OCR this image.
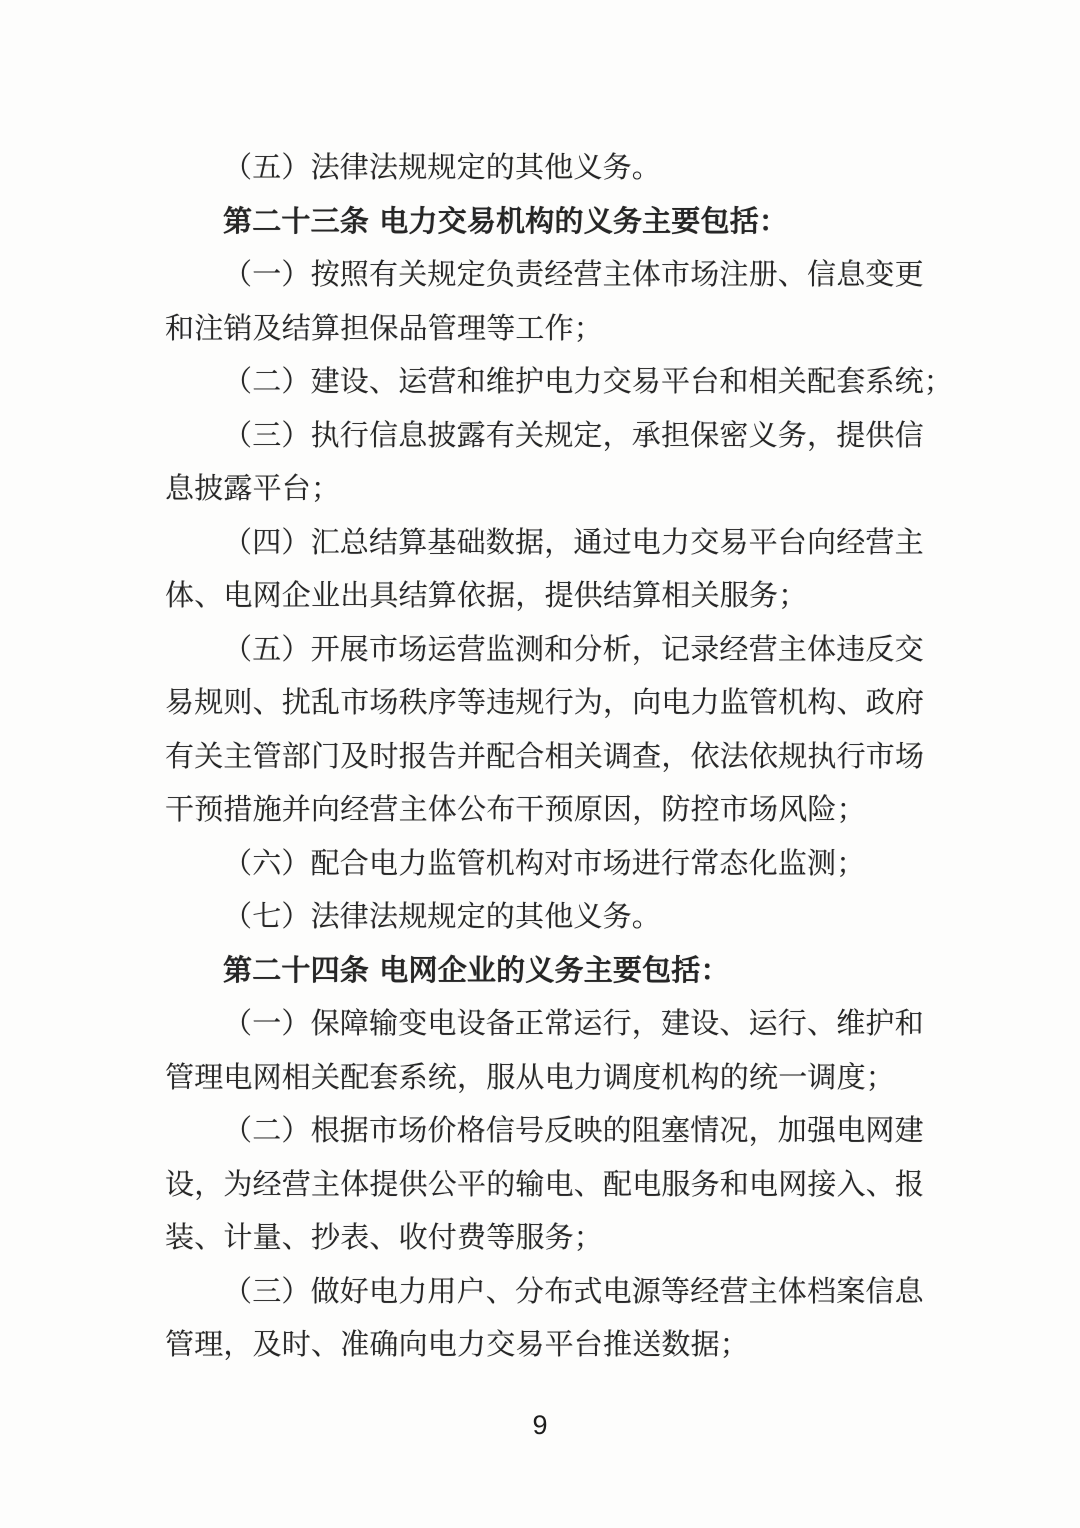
（五）法律法规规定的其他义务。
第二十三条 电力交易机构的义务主要包括：
（一）按照有关规定负责经营主体市场注册、信息变更
和注销及结算担保品管理等工作；
（二）建设、运营和维护电力交易平台和相关配套系统；
（三）执行信息披露有关规定，承担保密义务，提供信
息披露平台；
（四）汇总结算基础数据，通过电力交易平台向经营主
体、电网企业出具结算依据，提供结算相关服务；
（五）开展市场运营监测和分析，记录经营主体违反交
易规则、扰乱市场秩序等违规行为，向电力监管机构、政府
有关主管部门及时报告并配合相关调查，依法依规执行市场
干预措施并向经营主体公布干预原因，防控市场风险；
（六）配合电力监管机构对市场进行常态化监测；
（七）法律法规规定的其他义务。
第二十四条 电网企业的义务主要包括：
（一）保障输变电设备正常运行，建设、运行、维护和
管理电网相关配套系统，服从电力调度机构的统一调度；
（二）根据市场价格信号反映的阻塞情况，加强电网建
设，为经营主体提供公平的输电、配电服务和电网接入、报
装、计量、抄表、收付费等服务；
（三）做好电力用户、分布式电源等经营主体档案信息
管理，及时、准确向电力交易平台推送数据；
9
